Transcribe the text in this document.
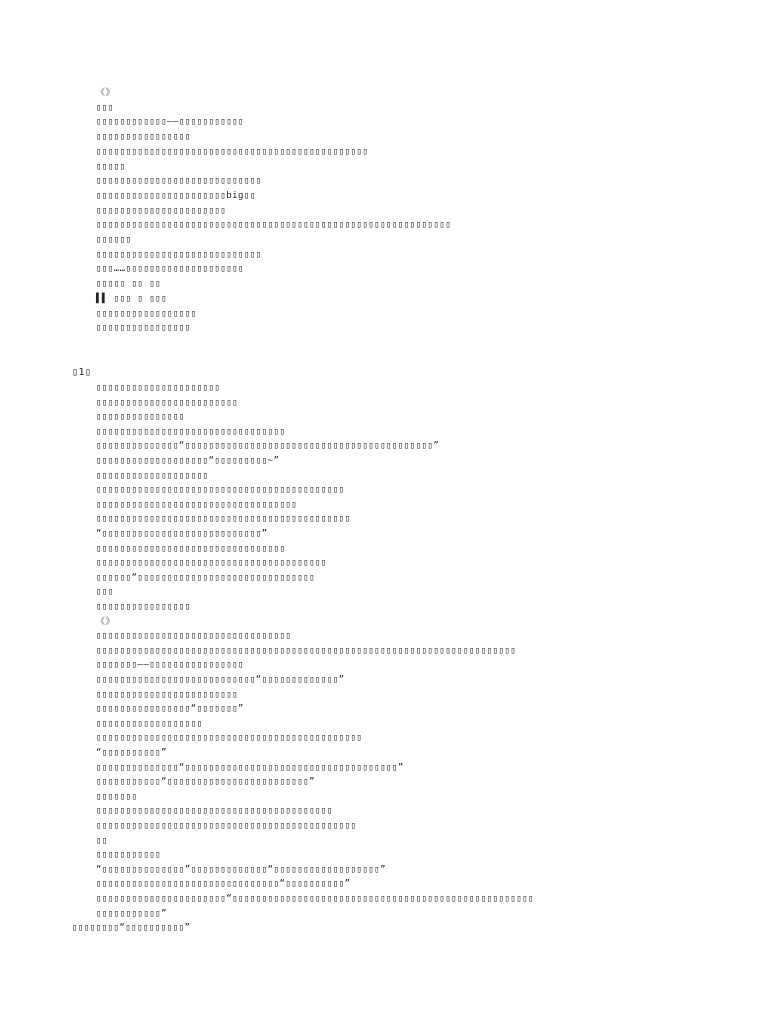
《》
▯▯▯
▯▯▯▯▯▯▯▯▯▯▯▯——▯▯▯▯▯▯▯▯▯▯▯
▯▯▯▯▯▯▯▯▯▯▯▯▯▯▯▯
▯▯▯▯▯▯▯▯▯▯▯▯▯▯▯▯▯▯▯▯▯▯▯▯▯▯▯▯▯▯▯▯▯▯▯▯▯▯▯▯▯▯▯▯▯▯
▯▯▯▯▯
▯▯▯▯▯▯▯▯▯▯▯▯▯▯▯▯▯▯▯▯▯▯▯▯▯▯▯▯
▯▯▯▯▯▯▯▯▯▯▯▯▯▯▯▯▯▯▯▯▯▯big▯▯
▯▯▯▯▯▯▯▯▯▯▯▯▯▯▯▯▯▯▯▯▯▯
▯▯▯▯▯▯▯▯▯▯▯▯▯▯▯▯▯▯▯▯▯▯▯▯▯▯▯▯▯▯▯▯▯▯▯▯▯▯▯▯▯▯▯▯▯▯▯▯▯▯▯▯▯▯▯▯▯▯▯▯
▯▯▯▯▯▯
▯▯▯▯▯▯▯▯▯▯▯▯▯▯▯▯▯▯▯▯▯▯▯▯▯▯▯▯
▯▯▯……▯▯▯▯▯▯▯▯▯▯▯▯▯▯▯▯▯▯▯▯
▯▯▯▯▯ ▯▯ ▯▯
▌▌ ▯▯▯ ▯ ▯▯▯
▯▯▯▯▯▯▯▯▯▯▯▯▯▯▯▯▯
▯▯▯▯▯▯▯▯▯▯▯▯▯▯▯▯
▯1▯
▯▯▯▯▯▯▯▯▯▯▯▯▯▯▯▯▯▯▯▯▯
▯▯▯▯▯▯▯▯▯▯▯▯▯▯▯▯▯▯▯▯▯▯▯▯
▯▯▯▯▯▯▯▯▯▯▯▯▯▯▯
▯▯▯▯▯▯▯▯▯▯▯▯▯▯▯▯▯▯▯▯▯▯▯▯▯▯▯▯▯▯▯▯
▯▯▯▯▯▯▯▯▯▯▯▯▯▯“▯▯▯▯▯▯▯▯▯▯▯▯▯▯▯▯▯▯▯▯▯▯▯▯▯▯▯▯▯▯▯▯▯▯▯▯▯▯▯▯▯▯”
▯▯▯▯▯▯▯▯▯▯▯▯▯▯▯▯▯▯▯“▯▯▯▯▯▯▯▯▯~”
▯▯▯▯▯▯▯▯▯▯▯▯▯▯▯▯▯▯▯
▯▯▯▯▯▯▯▯▯▯▯▯▯▯▯▯▯▯▯▯▯▯▯▯▯▯▯▯▯▯▯▯▯▯▯▯▯▯▯▯▯▯
▯▯▯▯▯▯▯▯▯▯▯▯▯▯▯▯▯▯▯▯▯▯▯▯▯▯▯▯▯▯▯▯▯▯
▯▯▯▯▯▯▯▯▯▯▯▯▯▯▯▯▯▯▯▯▯▯▯▯▯▯▯▯▯▯▯▯▯▯▯▯▯▯▯▯▯▯▯
“▯▯▯▯▯▯▯▯▯▯▯▯▯▯▯▯▯▯▯▯▯▯▯▯▯▯▯”
▯▯▯▯▯▯▯▯▯▯▯▯▯▯▯▯▯▯▯▯▯▯▯▯▯▯▯▯▯▯▯▯
▯▯▯▯▯▯▯▯▯▯▯▯▯▯▯▯▯▯▯▯▯▯▯▯▯▯▯▯▯▯▯▯▯▯▯▯▯▯▯
▯▯▯▯▯▯“▯▯▯▯▯▯▯▯▯▯▯▯▯▯▯▯▯▯▯▯▯▯▯▯▯▯▯▯▯▯
▯▯▯
▯▯▯▯▯▯▯▯▯▯▯▯▯▯▯▯
《》
▯▯▯▯▯▯▯▯▯▯▯▯▯▯▯▯▯▯▯▯▯▯▯▯▯▯▯▯▯▯▯▯▯
▯▯▯▯▯▯▯▯▯▯▯▯▯▯▯▯▯▯▯▯▯▯▯▯▯▯▯▯▯▯▯▯▯▯▯▯▯▯▯▯▯▯▯▯▯▯▯▯▯▯▯▯▯▯▯▯▯▯▯▯▯▯▯▯▯▯▯▯▯▯▯
▯▯▯▯▯▯▯——▯▯▯▯▯▯▯▯▯▯▯▯▯▯▯▯
▯▯▯▯▯▯▯▯▯▯▯▯▯▯▯▯▯▯▯▯▯▯▯▯▯▯▯“▯▯▯▯▯▯▯▯▯▯▯▯▯”
▯▯▯▯▯▯▯▯▯▯▯▯▯▯▯▯▯▯▯▯▯▯▯▯
▯▯▯▯▯▯▯▯▯▯▯▯▯▯▯▯“▯▯▯▯▯▯▯”
▯▯▯▯▯▯▯▯▯▯▯▯▯▯▯▯▯▯
▯▯▯▯▯▯▯▯▯▯▯▯▯▯▯▯▯▯▯▯▯▯▯▯▯▯▯▯▯▯▯▯▯▯▯▯▯▯▯▯▯▯▯▯▯
“▯▯▯▯▯▯▯▯▯▯”
▯▯▯▯▯▯▯▯▯▯▯▯▯▯“▯▯▯▯▯▯▯▯▯▯▯▯▯▯▯▯▯▯▯▯▯▯▯▯▯▯▯▯▯▯▯▯▯▯▯▯”
▯▯▯▯▯▯▯▯▯▯▯“▯▯▯▯▯▯▯▯▯▯▯▯▯▯▯▯▯▯▯▯▯▯▯▯”
▯▯▯▯▯▯▯
▯▯▯▯▯▯▯▯▯▯▯▯▯▯▯▯▯▯▯▯▯▯▯▯▯▯▯▯▯▯▯▯▯▯▯▯▯▯▯▯
▯▯▯▯▯▯▯▯▯▯▯▯▯▯▯▯▯▯▯▯▯▯▯▯▯▯▯▯▯▯▯▯▯▯▯▯▯▯▯▯▯▯▯▯
▯▯
▯▯▯▯▯▯▯▯▯▯▯
“▯▯▯▯▯▯▯▯▯▯▯▯▯▯”▯▯▯▯▯▯▯▯▯▯▯▯▯“▯▯▯▯▯▯▯▯▯▯▯▯▯▯▯▯▯▯”
▯▯▯▯▯▯▯▯▯▯▯▯▯▯▯▯▯▯▯▯▯▯▯▯▯▯▯▯▯▯▯“▯▯▯▯▯▯▯▯▯▯”
▯▯▯▯▯▯▯▯▯▯▯▯▯▯▯▯▯▯▯▯▯▯“▯▯▯▯▯▯▯▯▯▯▯▯▯▯▯▯▯▯▯▯▯▯▯▯▯▯▯▯▯▯▯▯▯▯▯▯▯▯▯▯▯▯▯▯▯▯▯▯▯▯▯
▯▯▯▯▯▯▯▯▯▯▯”
▯▯▯▯▯▯▯▯“▯▯▯▯▯▯▯▯▯▯”
